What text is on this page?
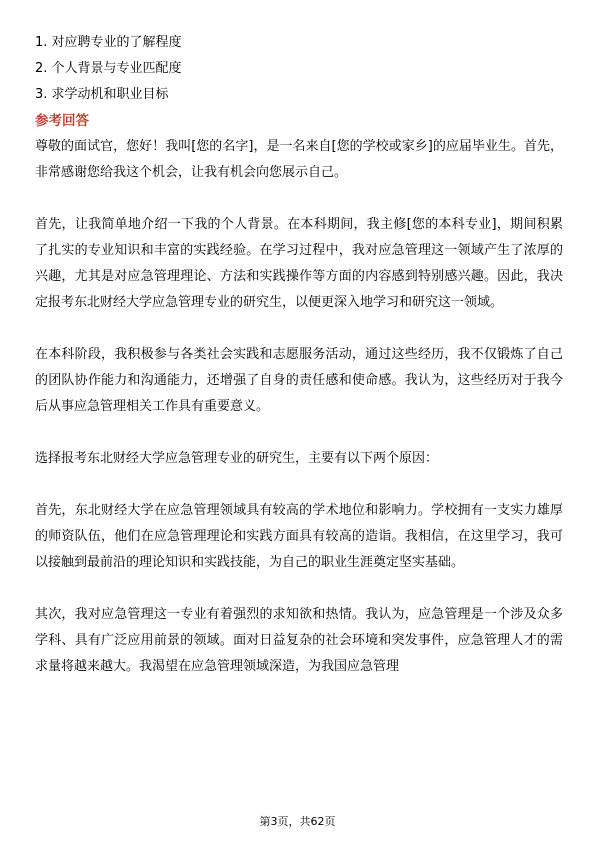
1. 对应聘专业的了解程度

2. 个人背景与专业匹配度

3. 求学动机和职业目标

参考回答

尊敬的面试官，您好！我叫[您的名字]，是一名来自[您的学校或家乡]的应届毕业生。首先，非常感谢您给我这个机会，让我有机会向您展示自己。

首先，让我简单地介绍一下我的个人背景。在本科期间，我主修[您的本科专业]，期间积累了扎实的专业知识和丰富的实践经验。在学习过程中，我对应急管理这一领域产生了浓厚的兴趣，尤其是对应急管理理论、方法和实践操作等方面的内容感到特别感兴趣。因此，我决定报考东北财经大学应急管理专业的研究生，以便更深入地学习和研究这一领域。

在本科阶段，我积极参与各类社会实践和志愿服务活动，通过这些经历，我不仅锻炼了自己的团队协作能力和沟通能力，还增强了自身的责任感和使命感。我认为，这些经历对于我今后从事应急管理相关工作具有重要意义。

选择报考东北财经大学应急管理专业的研究生，主要有以下两个原因：

首先，东北财经大学在应急管理领域具有较高的学术地位和影响力。学校拥有一支实力雄厚的师资队伍，他们在应急管理理论和实践方面具有较高的造诣。我相信，在这里学习，我可以接触到最前沿的理论知识和实践技能，为自己的职业生涯奠定坚实基础。

其次，我对应急管理这一专业有着强烈的求知欲和热情。我认为，应急管理是一个涉及众多学科、具有广泛应用前景的领域。面对日益复杂的社会环境和突发事件，应急管理人才的需求量将越来越大。我渴望在应急管理领域深造，为我国应急管理

第3页，共62页
